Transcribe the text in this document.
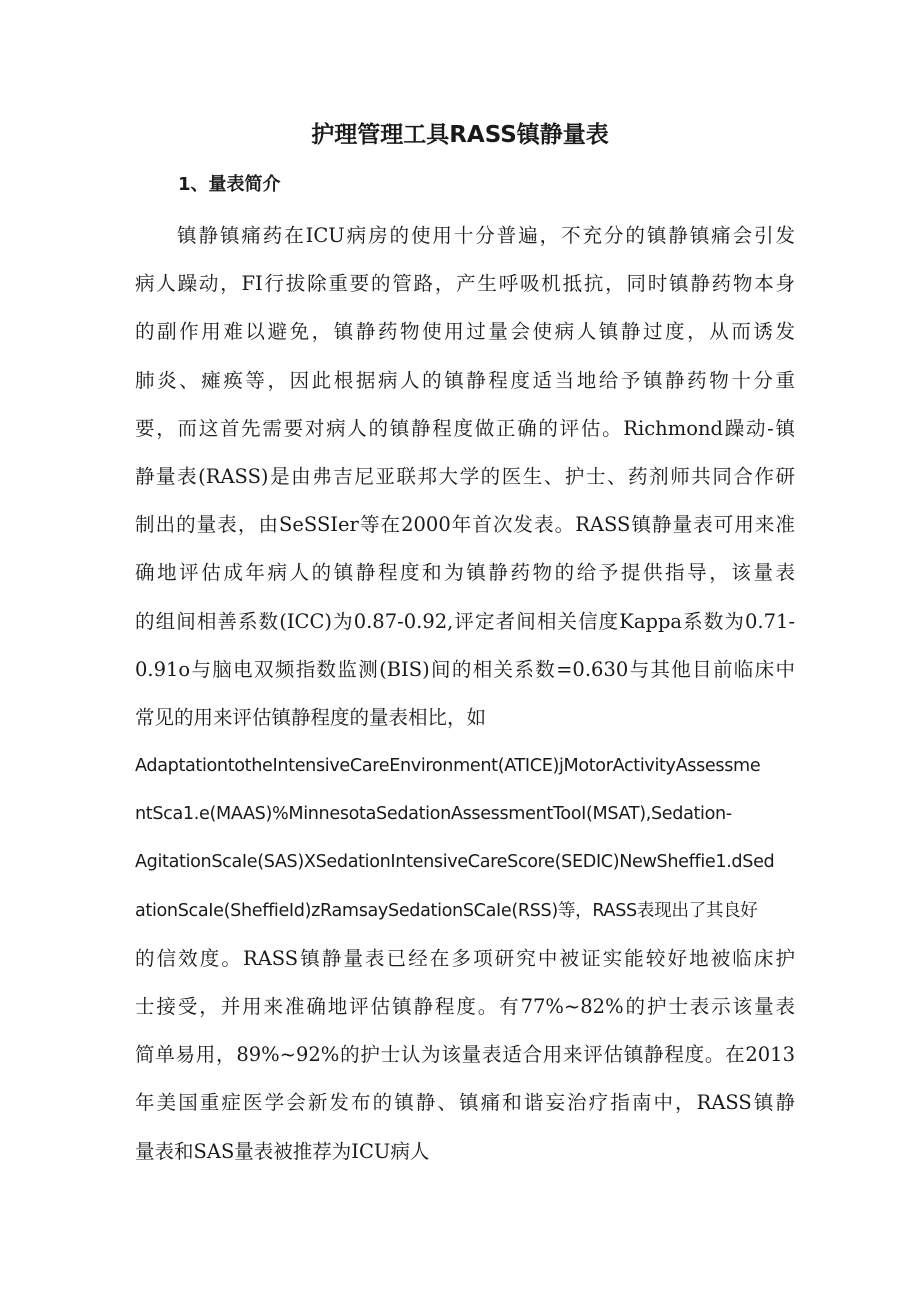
护理管理工具RASS镇静量表
1、量表简介
镇静镇痛药在ICU病房的使用十分普遍，不充分的镇静镇痛会引发
病人躁动，FI行拔除重要的管路，产生呼吸机抵抗，同时镇静药物本身
的副作用难以避免，镇静药物使用过量会使病人镇静过度，从而诱发
肺炎、瘫痪等，因此根据病人的镇静程度适当地给予镇静药物十分重
要，而这首先需要对病人的镇静程度做正确的评估。Richmond躁动-镇
静量表(RASS)是由弗吉尼亚联邦大学的医生、护士、药剂师共同合作研
制出的量表，由SeSSIer等在2000年首次发表。RASS镇静量表可用来准
确地评估成年病人的镇静程度和为镇静药物的给予提供指导，该量表
的组间相善系数(ICC)为0.87-0.92,评定者间相关信度Kappa系数为0.71-
0.91o与脑电双频指数监测(BIS)间的相关系数=0.630与其他目前临床中
常见的用来评估镇静程度的量表相比，如
AdaptationtotheIntensiveCareEnvironment(ATICE)jMotorActivityAssessme
ntSca1.e(MAAS)%MinnesotaSedationAssessmentTooI(MSAT),Sedation-
AgitationScaIe(SAS)XSedationIntensiveCareScore(SEDIC)NewSheffie1.dSed
ationScaIe(SheffieId)zRamsaySedationSCaIe(RSS)等，RASS表现出了其良好
的信效度。RASS镇静量表已经在多项研究中被证实能较好地被临床护
士接受，并用来准确地评估镇静程度。有77%~82%的护士表示该量表
简单易用，89%~92%的护士认为该量表适合用来评估镇静程度。在2013
年美国重症医学会新发布的镇静、镇痛和谐妄治疗指南中，RASS镇静
量表和SAS量表被推荐为ICU病人
